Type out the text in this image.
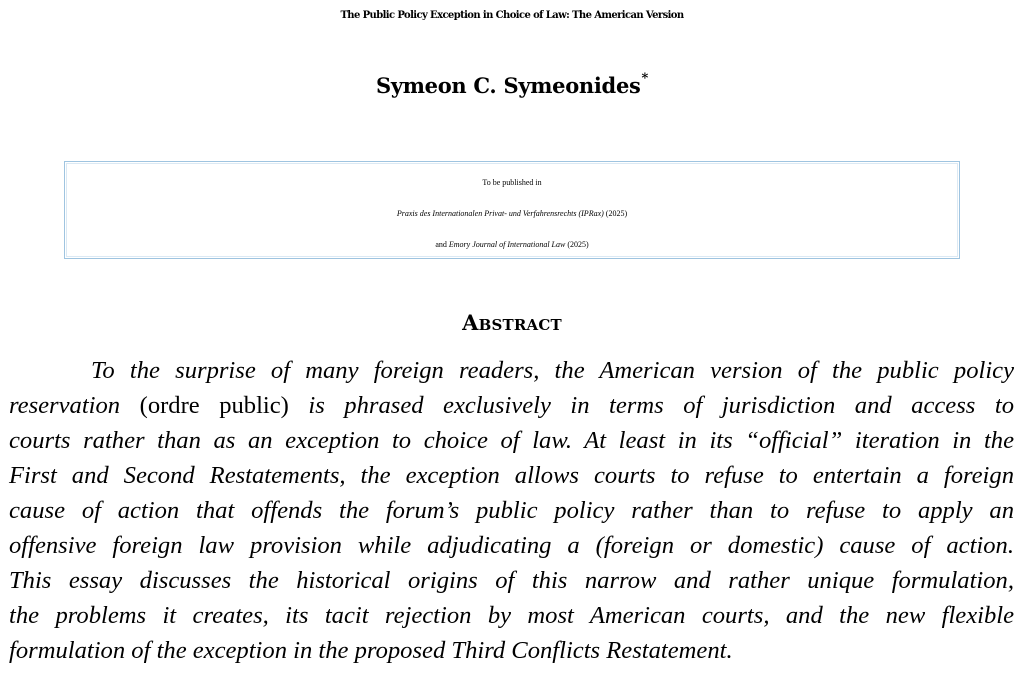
The Public Policy Exception in Choice of Law: The American Version
Symeon C. Symeonides*
To be published in
Praxis des Internationalen Privat- und Verfahrensrechts (IPRax) (2025)
and Emory Journal of International Law (2025)
Abstract
To the surprise of many foreign readers, the American version of the public policy
reservation (ordre public) is phrased exclusively in terms of jurisdiction and access to
courts rather than as an exception to choice of law. At least in its “official” iteration in the
First and Second Restatements, the exception allows courts to refuse to entertain a foreign
cause of action that offends the forum’s public policy rather than to refuse to apply an
offensive foreign law provision while adjudicating a (foreign or domestic) cause of action.
This essay discusses the historical origins of this narrow and rather unique formulation,
the problems it creates, its tacit rejection by most American courts, and the new flexible
formulation of the exception in the proposed Third Conflicts Restatement.
